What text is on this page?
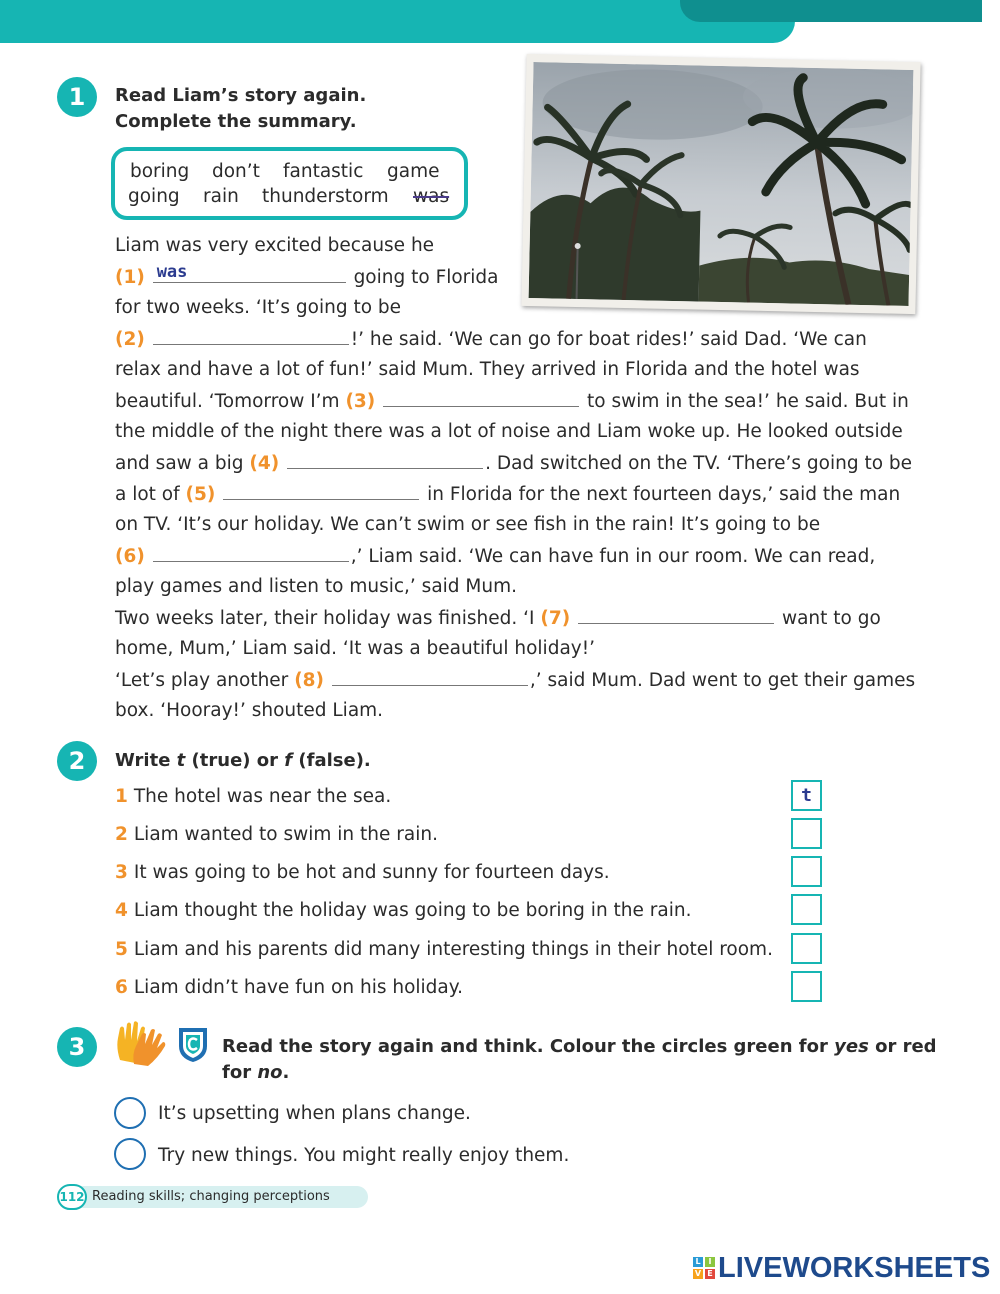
1	Read Liam’s story again.
Complete the summary.
boring don’t fantastic game
going rain thunderstorm was
Liam was very excited because he
(1) was	going to Florida
for two weeks. ‘It’s going to be
(2)	!’ he said. ‘We can go for boat rides!’ said Dad. ‘We can
relax and have a lot of fun!’ said Mum. They arrived in Florida and the hotel was
beautiful. ‘Tomorrow I’m (3)	to swim in the sea!’ he said. But in
the middle of the night there was a lot of noise and Liam woke up. He looked outside
and saw a big (4)	. Dad switched on the TV. ‘There’s going to be
a lot of (5)	in Florida for the next fourteen days,’ said the man
on TV. ‘It’s our holiday. We can’t swim or see fish in the rain! It’s going to be
(6)	,’ Liam said. ‘We can have fun in our room. We can read,
play games and listen to music,’ said Mum.
Two weeks later, their holiday was finished. ‘I (7)	want to go
home, Mum,’ Liam said. ‘It was a beautiful holiday!’
‘Let’s play another (8)	,’ said Mum. Dad went to get their games
box. ‘Hooray!’ shouted Liam.
2	Write t (true) or f (false).
1 The hotel was near the sea.	t
2 Liam wanted to swim in the rain.
3 It was going to be hot and sunny for fourteen days.
4 Liam thought the holiday was going to be boring in the rain.
5 Liam and his parents did many interesting things in their hotel room.
6 Liam didn’t have fun on his holiday.
3	Read the story again and think. Colour the circles green for yes or red
for no.
It’s upsetting when plans change.
Try new things. You might really enjoy them.
112 Reading skills; changing perceptions
L I
V E LIVEWORKSHEETS
